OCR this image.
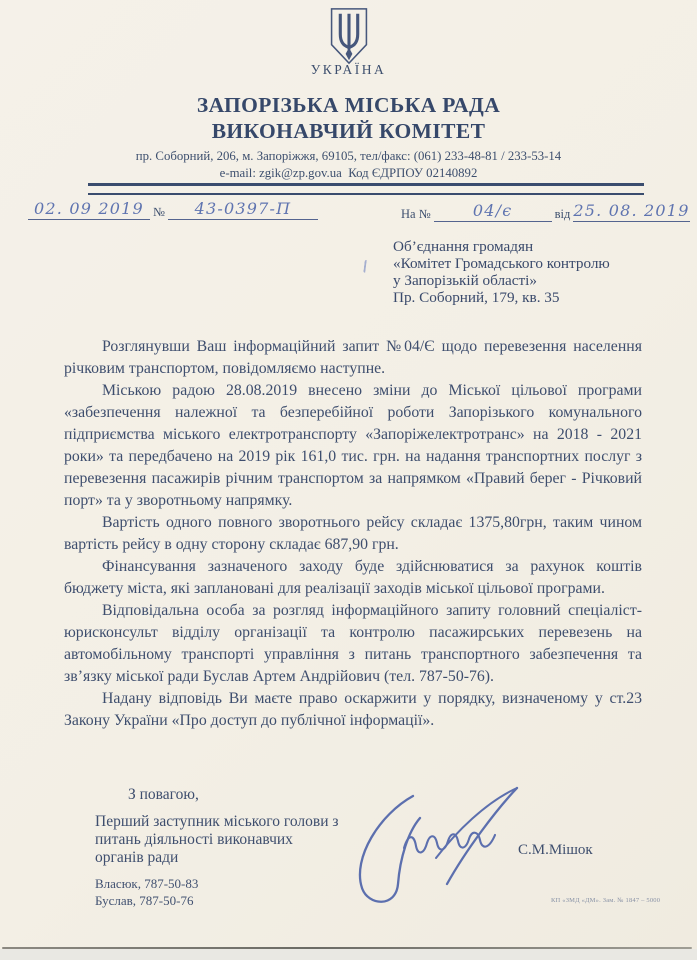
УКРАЇНА
ЗАПОРІЗЬКА МІСЬКА РАДА
ВИКОНАВЧИЙ КОМІТЕТ
пр. Соборний, 206, м. Запоріжжя, 69105, тел/факс: (061) 233-48-81 / 233-53-14
e-mail: zgik@zp.gov.ua  Код ЄДРПОУ 02140892
02. 09 2019 № 43-0397-П	На №	04/є	від 25. 08. 2019
Об’єднання громадян
«Комітет Громадського контролю
у Запорізькій області»
Пр. Соборний, 179, кв. 35

Розглянувши Ваш інформаційний запит №04/Є щодо перевезення населення річковим транспортом, повідомляємо наступне.

Міською радою 28.08.2019 внесено зміни до Міської цільової програми «забезпечення належної та безперебійної роботи Запорізького комунального підприємства міського електротранспорту «Запоріжелектротранс» на 2018 - 2021 роки» та передбачено на 2019 рік 161,0 тис. грн. на надання транспортних послуг з перевезення пасажирів річним транспортом за напрямком «Правий берег - Річковий порт» та у зворотньому напрямку.

Вартість одного повного зворотнього рейсу складає 1375,80грн, таким чином вартість рейсу в одну сторону складає 687,90 грн.

Фінансування зазначеного заходу буде здійснюватися за рахунок коштів бюджету міста, які заплановані для реалізації заходів міської цільової програми.

Відповідальна особа за розгляд інформаційного запиту головний спеціаліст-юрисконсульт відділу організації та контролю пасажирських перевезень на автомобільному транспорті управління з питань транспортного забезпечення та зв’язку міської ради Буслав Артем Андрійович (тел. 787-50-76).

Надану відповідь Ви маєте право оскаржити у порядку, визначеному у ст.23 Закону України «Про доступ до публічної інформації».

З повагою,
Перший заступник міського голови з
питань діяльності виконавчих
органів ради
Власюк, 787-50-83
Буслав, 787-50-76
С.М.Мішок
КП «ЗМД «ДМ». Зам. № 1847 – 5000
